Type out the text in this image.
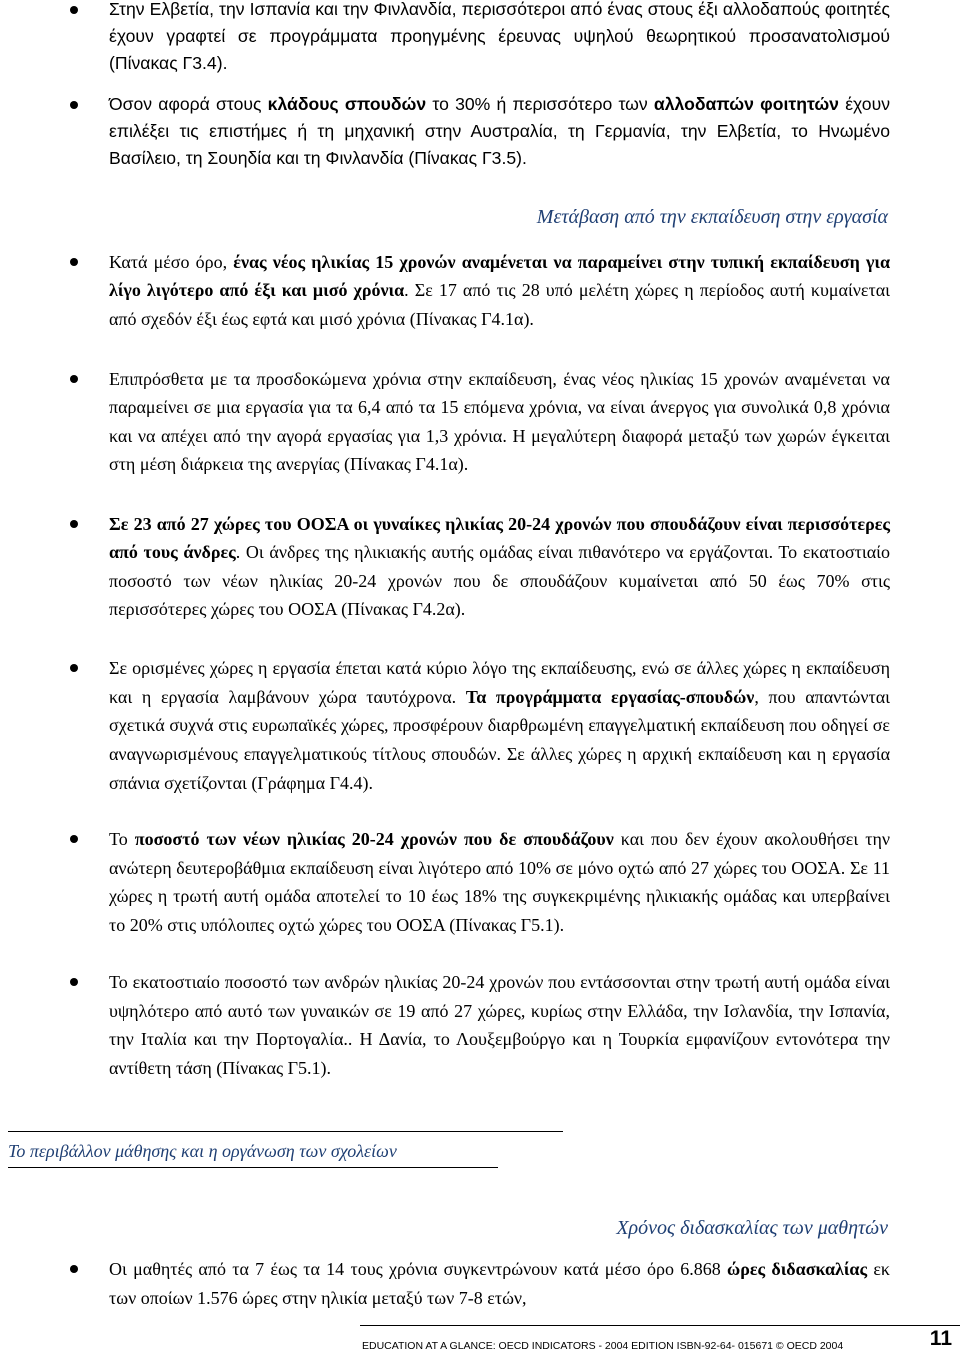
Στην Ελβετία, την Ισπανία και την Φινλανδία, περισσότεροι από ένας στους έξι αλλοδαπούς φοιτητές έχουν γραφτεί σε προγράμματα προηγμένης έρευνας υψηλού θεωρητικού προσανατολισμού (Πίνακας Γ3.4).
Όσον αφορά στους κλάδους σπουδών το 30% ή περισσότερο των αλλοδαπών φοιτητών έχουν επιλέξει τις επιστήμες ή τη μηχανική στην Αυστραλία, τη Γερμανία, την Ελβετία, το Ηνωμένο Βασίλειο, τη Σουηδία και τη Φινλανδία (Πίνακας Γ3.5).
Μετάβαση από την εκπαίδευση στην εργασία
Κατά μέσο όρο, ένας νέος ηλικίας 15 χρονών αναμένεται να παραμείνει στην τυπική εκπαίδευση για λίγο λιγότερο από έξι και μισό χρόνια. Σε 17 από τις 28 υπό μελέτη χώρες η περίοδος αυτή κυμαίνεται από σχεδόν έξι έως εφτά και μισό χρόνια (Πίνακας Γ4.1α).
Επιπρόσθετα με τα προσδοκώμενα χρόνια στην εκπαίδευση, ένας νέος ηλικίας 15 χρονών αναμένεται να παραμείνει σε μια εργασία για τα 6,4 από τα 15 επόμενα χρόνια, να είναι άνεργος για συνολικά 0,8 χρόνια και να απέχει από την αγορά εργασίας για 1,3 χρόνια. Η μεγαλύτερη διαφορά μεταξύ των χωρών έγκειται στη μέση διάρκεια της ανεργίας (Πίνακας Γ4.1α).
Σε 23 από 27 χώρες του ΟΟΣΑ οι γυναίκες ηλικίας 20-24 χρονών που σπουδάζουν είναι περισσότερες από τους άνδρες. Οι άνδρες της ηλικιακής αυτής ομάδας είναι πιθανότερο να εργάζονται. Το εκατοστιαίο ποσοστό των νέων ηλικίας 20-24 χρονών που δε σπουδάζουν κυμαίνεται από 50 έως 70% στις περισσότερες χώρες του ΟΟΣΑ (Πίνακας Γ4.2α).
Σε ορισμένες χώρες η εργασία έπεται κατά κύριο λόγο της εκπαίδευσης, ενώ σε άλλες χώρες η εκπαίδευση και η εργασία λαμβάνουν χώρα ταυτόχρονα. Τα προγράμματα εργασίας-σπουδών, που απαντώνται σχετικά συχνά στις ευρωπαϊκές χώρες, προσφέρουν διαρθρωμένη επαγγελματική εκπαίδευση που οδηγεί σε αναγνωρισμένους επαγγελματικούς τίτλους σπουδών. Σε άλλες χώρες η αρχική εκπαίδευση και η εργασία σπάνια σχετίζονται (Γράφημα Γ4.4).
Το ποσοστό των νέων ηλικίας 20-24 χρονών που δε σπουδάζουν και που δεν έχουν ακολουθήσει την ανώτερη δευτεροβάθμια εκπαίδευση είναι λιγότερο από 10% σε μόνο οχτώ από 27 χώρες του ΟΟΣΑ. Σε 11 χώρες η τρωτή αυτή ομάδα αποτελεί το 10 έως 18% της συγκεκριμένης ηλικιακής ομάδας και υπερβαίνει το 20% στις υπόλοιπες οχτώ χώρες του ΟΟΣΑ (Πίνακας Γ5.1).
Το εκατοστιαίο ποσοστό των ανδρών ηλικίας 20-24 χρονών που εντάσσονται στην τρωτή αυτή ομάδα είναι υψηλότερο από αυτό των γυναικών σε 19 από 27 χώρες, κυρίως στην Ελλάδα, την Ισλανδία, την Ισπανία, την Ιταλία και την Πορτογαλία.. Η Δανία, το Λουξεμβούργο και η Τουρκία εμφανίζουν εντονότερα την αντίθετη τάση (Πίνακας Γ5.1).
Το περιβάλλον μάθησης και η οργάνωση των σχολείων
Χρόνος διδασκαλίας των μαθητών
Οι μαθητές από τα 7 έως τα 14 τους χρόνια συγκεντρώνουν κατά μέσο όρο 6.868 ώρες διδασκαλίας εκ των οποίων 1.576 ώρες στην ηλικία μεταξύ των 7-8 ετών,
EDUCATION AT A GLANCE: OECD INDICATORS - 2004 EDITION ISBN-92-64- 015671 © OECD 2004	11
